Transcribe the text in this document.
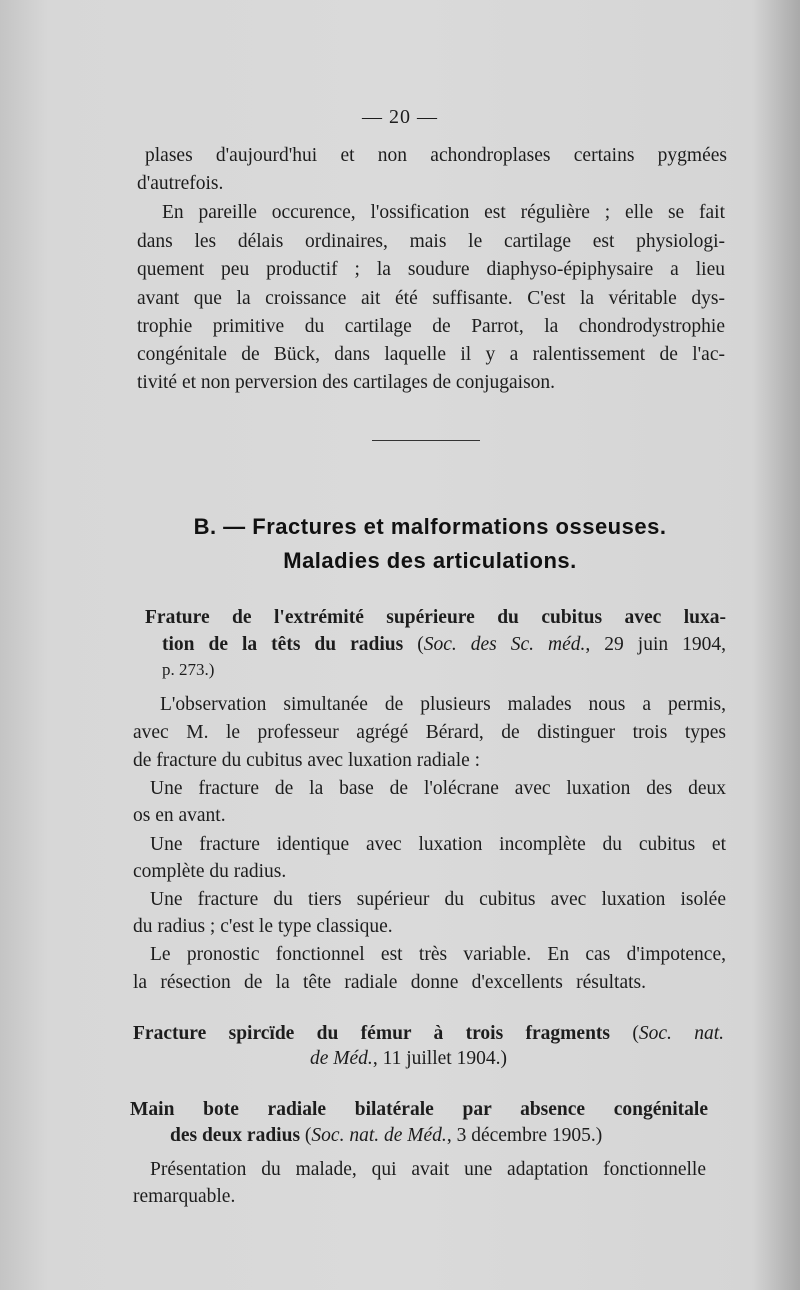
— 20 —
plases d'aujourd'hui et non achondroplases certains pygmées
d'autrefois.
En pareille occurence, l'ossification est régulière ; elle se fait
dans les délais ordinaires, mais le cartilage est physiologi-
quement peu productif ; la soudure diaphyso-épiphysaire a lieu
avant que la croissance ait été suffisante. C'est la véritable dys-
trophie primitive du cartilage de Parrot, la chondrodystrophie
congénitale de Bück, dans laquelle il y a ralentissement de l'ac-
tivité et non perversion des cartilages de conjugaison.
B. — Fractures et malformations osseuses.
Maladies des articulations.
Frature de l'extrémité supérieure du cubitus avec luxa-
tion de la têts du radius (Soc. des Sc. méd., 29 juin 1904,
p. 273.)
L'observation simultanée de plusieurs malades nous a permis,
avec M. le professeur agrégé Bérard, de distinguer trois types
de fracture du cubitus avec luxation radiale :
Une fracture de la base de l'olécrane avec luxation des deux
os en avant.
Une fracture identique avec luxation incomplète du cubitus et
complète du radius.
Une fracture du tiers supérieur du cubitus avec luxation isolée
du radius ; c'est le type classique.
Le pronostic fonctionnel est très variable. En cas d'impotence,
la résection de la tête radiale donne d'excellents résultats.
Fracture spircïde du fémur à trois fragments (Soc. nat.
de Méd., 11 juillet 1904.)
Main bote radiale bilatérale par absence congénitale
des deux radius (Soc. nat. de Méd., 3 décembre 1905.)
Présentation du malade, qui avait une adaptation fonctionnelle
remarquable.
